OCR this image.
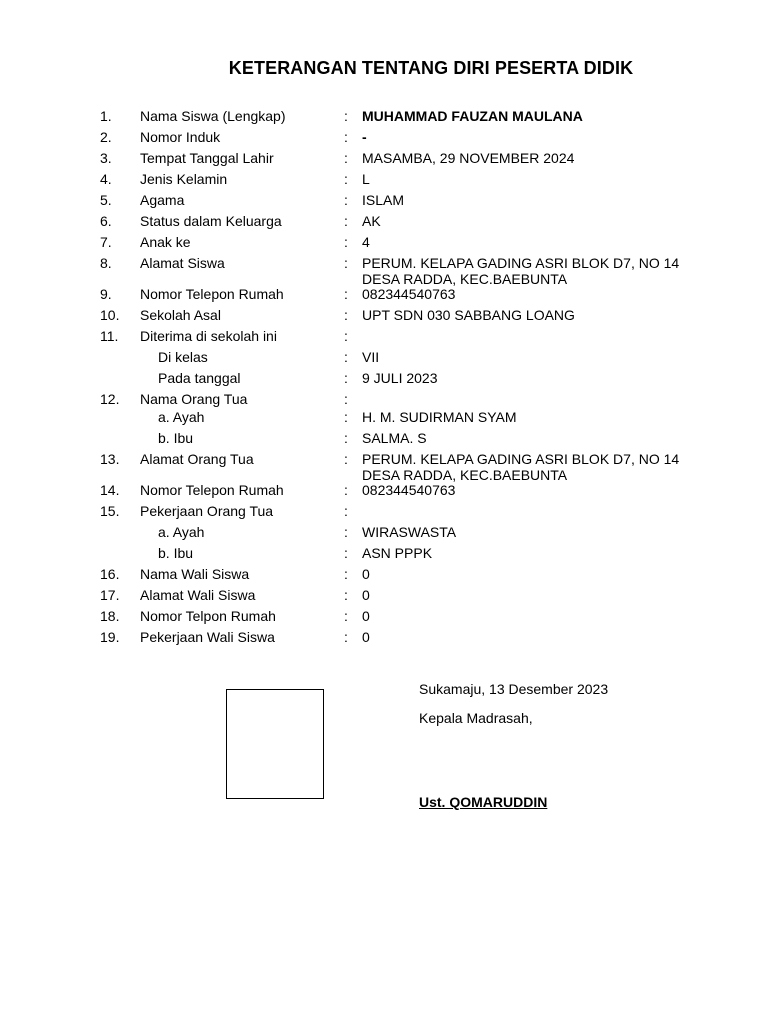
KETERANGAN TENTANG DIRI PESERTA DIDIK
1. Nama Siswa (Lengkap)	: MUHAMMAD FAUZAN MAULANA
2. Nomor Induk	: -
3. Tempat Tanggal Lahir	: MASAMBA, 29 NOVEMBER 2024
4. Jenis Kelamin	: L
5. Agama	: ISLAM
6. Status dalam Keluarga	: AK
7. Anak ke	: 4
8. Alamat Siswa	: PERUM. KELAPA GADING ASRI BLOK D7, NO 14
DESA RADDA, KEC.BAEBUNTA
9. Nomor Telepon Rumah	: 082344540763
10. Sekolah Asal	: UPT SDN 030 SABBANG LOANG
11. Diterima di sekolah ini	:
Di kelas	: VII
Pada tanggal	: 9 JULI 2023
12. Nama Orang Tua	:
a. Ayah	: H. M. SUDIRMAN SYAM
b. Ibu	: SALMA. S
13. Alamat Orang Tua	: PERUM. KELAPA GADING ASRI BLOK D7, NO 14
DESA RADDA, KEC.BAEBUNTA
14. Nomor Telepon Rumah	: 082344540763
15. Pekerjaan Orang Tua	:
a. Ayah	: WIRASWASTA
b. Ibu	: ASN PPPK
16. Nama Wali Siswa	: 0
17. Alamat Wali Siswa	: 0
18. Nomor Telpon Rumah	: 0
19. Pekerjaan Wali Siswa	: 0
Sukamaju, 13 Desember 2023
Kepala Madrasah,
Ust. QOMARUDDIN
